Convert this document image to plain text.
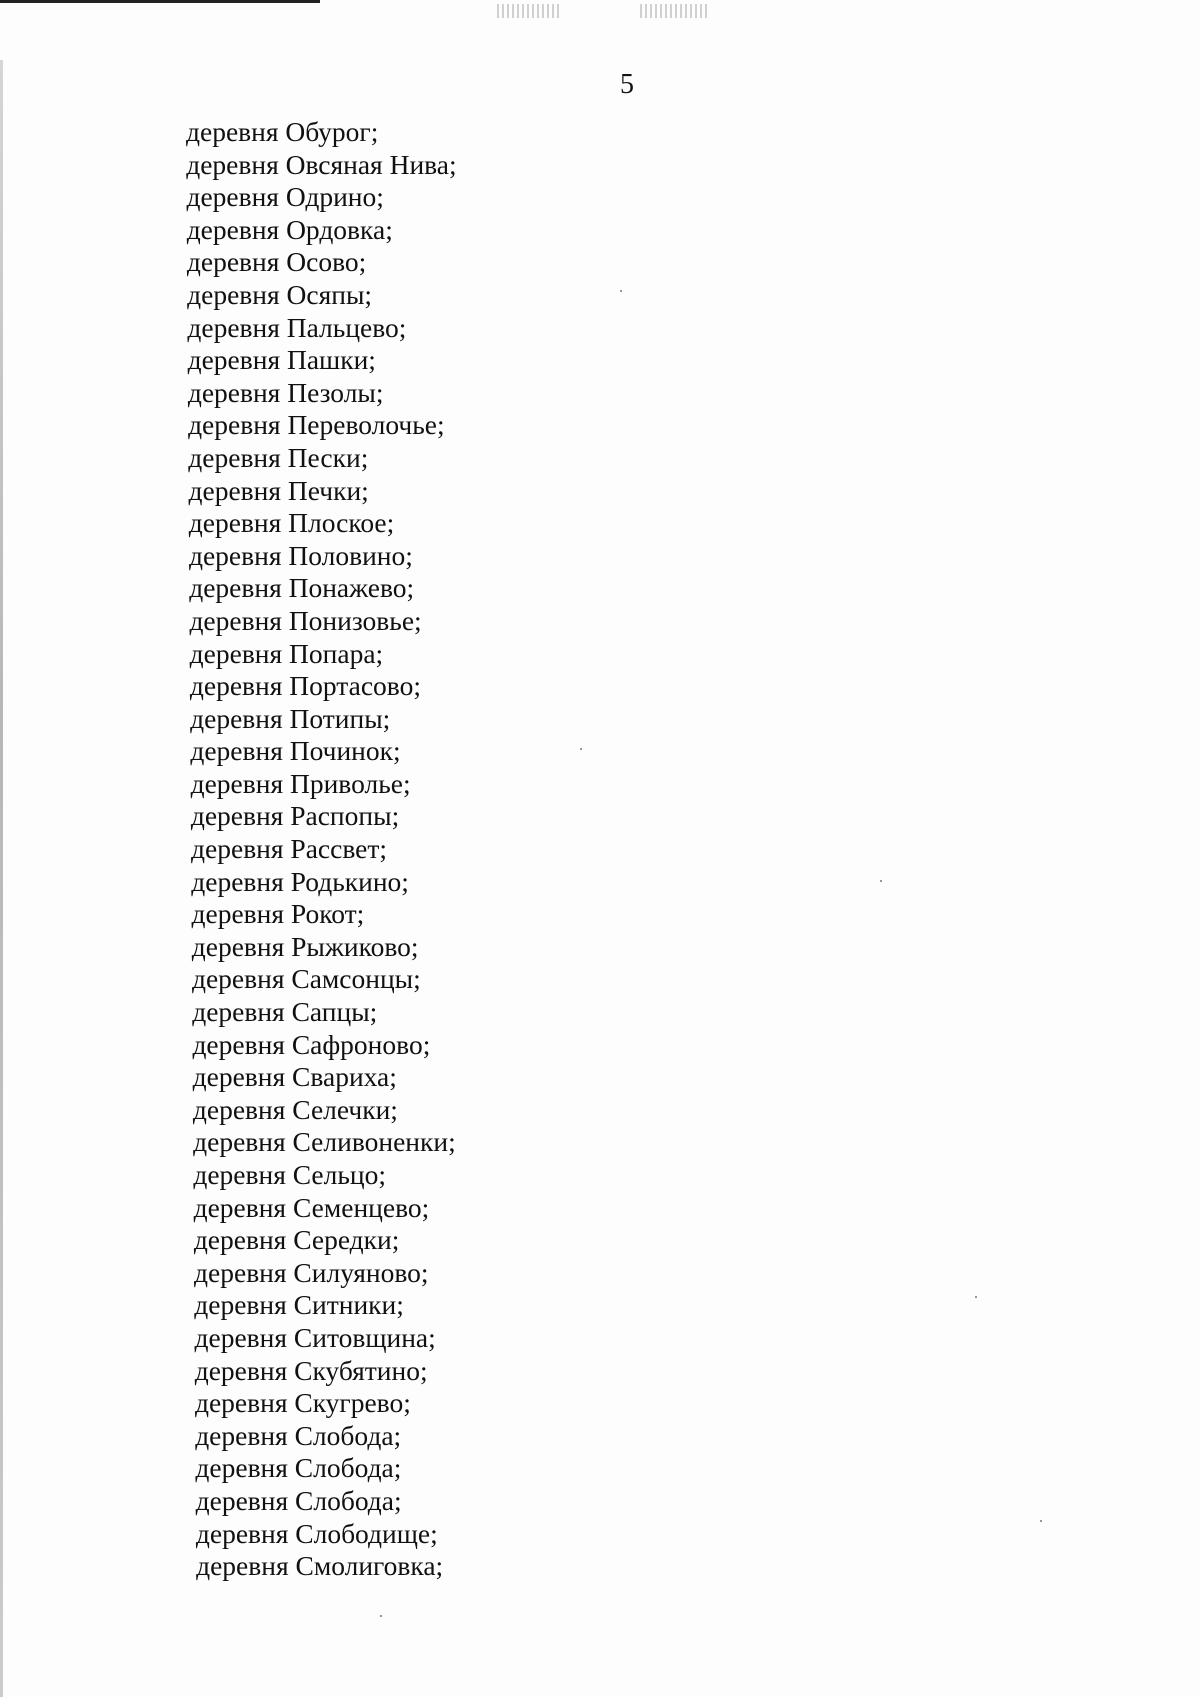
5
деревня Обурог;
деревня Овсяная Нива;
деревня Одрино;
деревня Ордовка;
деревня Осово;
деревня Осяпы;
деревня Пальцево;
деревня Пашки;
деревня Пезолы;
деревня Переволочье;
деревня Пески;
деревня Печки;
деревня Плоское;
деревня Половино;
деревня Понажево;
деревня Понизовье;
деревня Попара;
деревня Портасово;
деревня Потипы;
деревня Починок;
деревня Приволье;
деревня Распопы;
деревня Рассвет;
деревня Родькино;
деревня Рокот;
деревня Рыжиково;
деревня Самсонцы;
деревня Сапцы;
деревня Сафроново;
деревня Свариха;
деревня Селечки;
деревня Селивоненки;
деревня Сельцо;
деревня Семенцево;
деревня Середки;
деревня Силуяново;
деревня Ситники;
деревня Ситовщина;
деревня Скубятино;
деревня Скугрево;
деревня Слобода;
деревня Слобода;
деревня Слобода;
деревня Слободище;
деревня Смолиговка;
